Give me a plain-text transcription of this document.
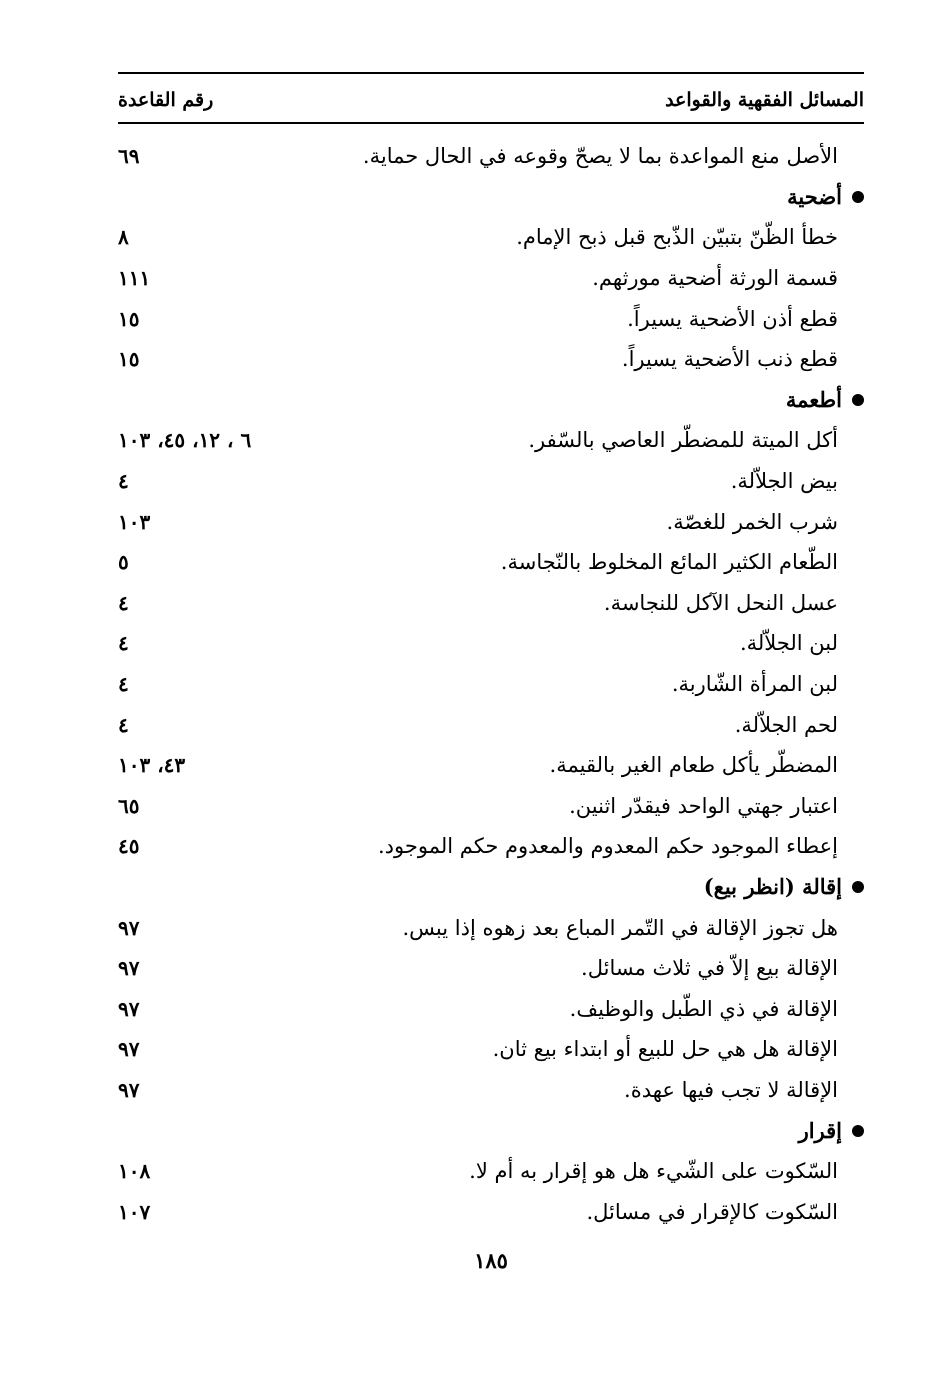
المسائل الفقهية والقواعد
رقم القاعدة
الأصل منع المواعدة بما لا يصحّ وقوعه في الحال حماية.
٦٩
أضحية
خطأ الظّنّ بتبيّن الذّبح قبل ذبح الإمام.
٨
قسمة الورثة أضحية مورثهم.
١١١
قطع أذن الأضحية يسيراً.
١٥
قطع ذنب الأضحية يسيراً.
١٥
أطعمة
أكل الميتة للمضطّر العاصي بالسّفر.
٦ ، ١٢، ٤٥، ١٠٣
بيض الجلاّلة.
٤
شرب الخمر للغصّة.
١٠٣
الطّعام الكثير المائع المخلوط بالنّجاسة.
٥
عسل النحل الآكل للنجاسة.
٤
لبن الجلاّلة.
٤
لبن المرأة الشّاربة.
٤
لحم الجلاّلة.
٤
المضطّر يأكل طعام الغير بالقيمة.
٤٣، ١٠٣
اعتبار جهتي الواحد فيقدّر اثنين.
٦٥
إعطاء الموجود حكم المعدوم والمعدوم حكم الموجود.
٤٥
إقالة (انظر بيع)
هل تجوز الإقالة في التّمر المباع بعد زهوه إذا يبس.
٩٧
الإقالة بيع إلاّ في ثلاث مسائل.
٩٧
الإقالة في ذي الطّبل والوظيف.
٩٧
الإقالة هل هي حل للبيع أو ابتداء بيع ثان.
٩٧
الإقالة لا تجب فيها عهدة.
٩٧
إقرار
السّكوت على الشّيء هل هو إقرار به أم لا.
١٠٨
السّكوت كالإقرار في مسائل.
١٠٧
١٨٥
